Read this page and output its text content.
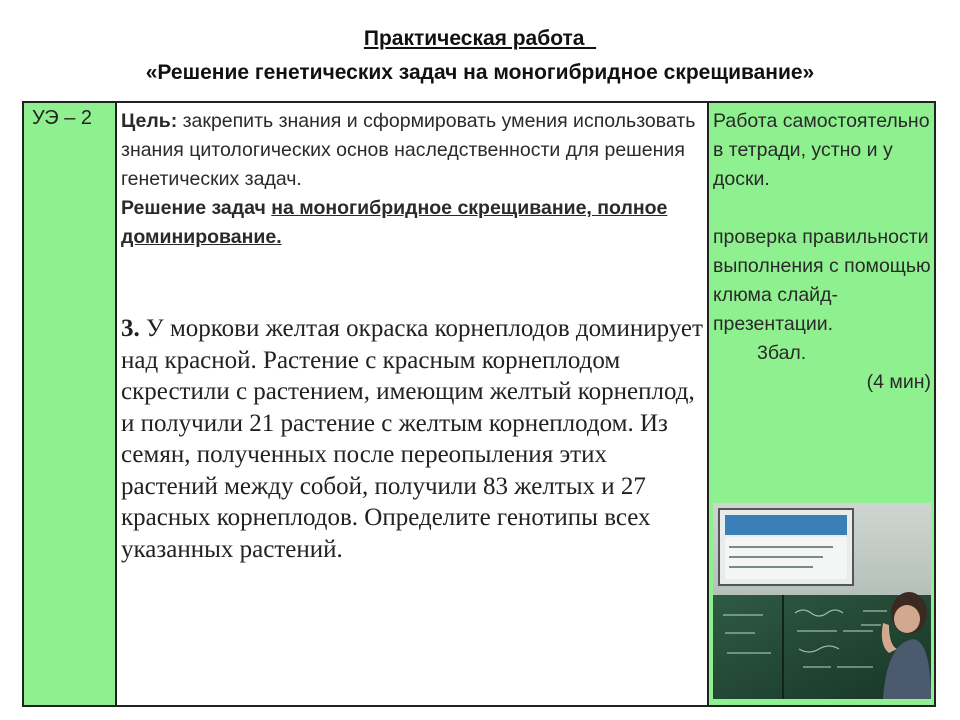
Практическая работа
«Решение генетических задач на моногибридное скрещивание»
УЭ – 2 Цель: закрепить знания и сформировать умения использовать знания цитологических основ наследственности для решения генетических задач.
Решение задач на моногибридное скрещивание, полное доминирование.
3. У моркови желтая окраска корнеплодов доминирует над красной. Растение с красным корнеплодом скрестили с растением, имеющим желтый корнеплод, и получили 21 растение с желтым корнеплодом. Из семян, полученных после переопыления этих растений между собой, получили 83 желтых и 27 красных корнеплодов. Определите генотипы всех указанных растений.

Работа самостоятельно в тетради, устно и у доски.

проверка правильности выполнения с помощью клюма слайд-презентации.

3бал.

(4 мин)
